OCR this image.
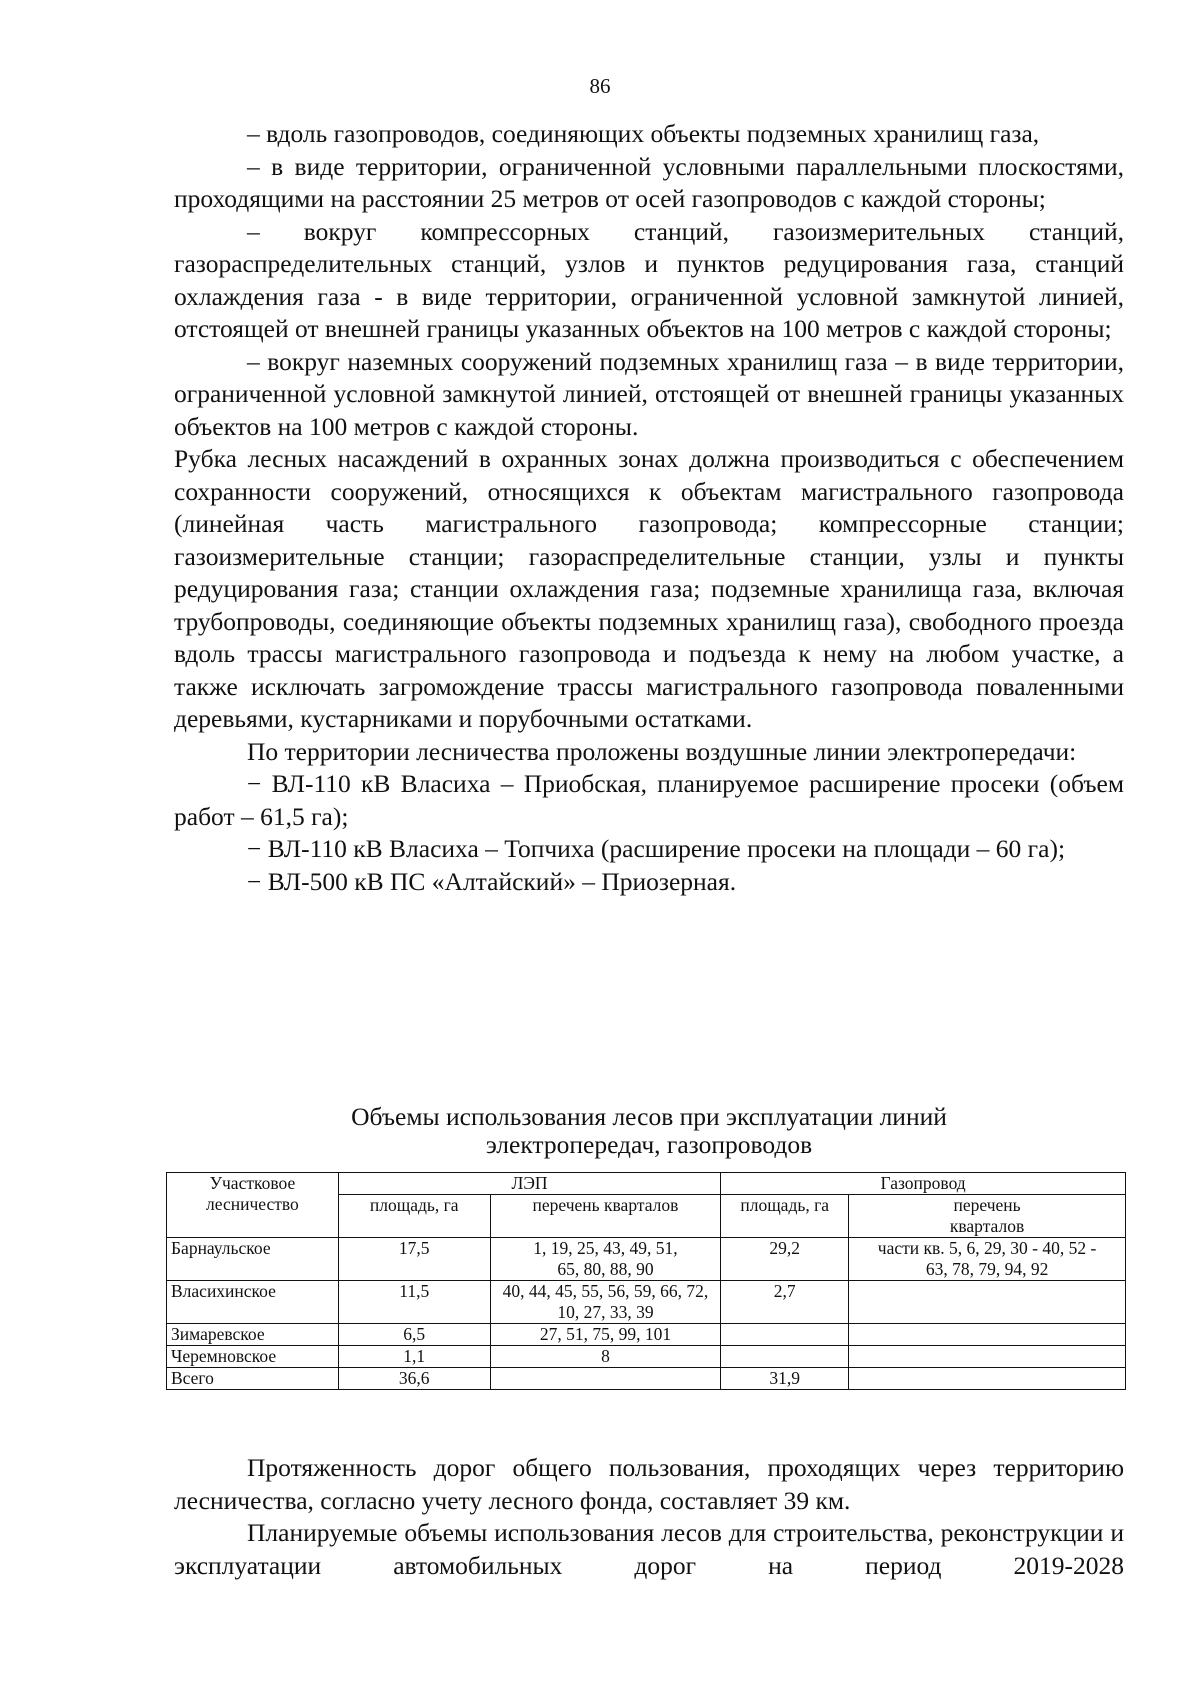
86

– вдоль газопроводов, соединяющих объекты подземных хранилищ газа,

– в виде территории, ограниченной условными параллельными плоскостями, проходящими на расстоянии 25 метров от осей газопроводов с каждой стороны;

– вокруг компрессорных станций, газоизмерительных станций, газораспределительных станций, узлов и пунктов редуцирования газа, станций охлаждения газа - в виде территории, ограниченной условной замкнутой линией, отстоящей от внешней границы указанных объектов на 100 метров с каждой стороны;

– вокруг наземных сооружений подземных хранилищ газа – в виде территории, ограниченной условной замкнутой линией, отстоящей от внешней границы указанных объектов на 100 метров с каждой стороны.

Рубка лесных насаждений в охранных зонах должна производиться с обеспечением сохранности сооружений, относящихся к объектам магистрального газопровода (линейная часть магистрального газопровода; компрессорные станции; газоизмерительные станции; газораспределительные станции, узлы и пункты редуцирования газа; станции охлаждения газа; подземные хранилища газа, включая трубопроводы, соединяющие объекты подземных хранилищ газа), свободного проезда вдоль трассы магистрального газопровода и подъезда к нему на любом участке, а также исключать загромождение трассы магистрального газопровода поваленными деревьями, кустарниками и порубочными остатками.

По территории лесничества проложены воздушные линии электропередачи:

− ВЛ-110 кВ Власиха – Приобская, планируемое расширение просеки (объем работ – 61,5 га);

− ВЛ-110 кВ Власиха – Топчиха (расширение просеки на площади – 60 га);

− ВЛ-500 кВ ПС «Алтайский» – Приозерная.

Объемы использования лесов при эксплуатации линий
электропередач, газопроводов
Участковое лесничество	ЛЭП		Газопровод	
	площадь, га	перечень кварталов	площадь, га	перечень кварталов
Барнаульское	17,5	1, 19, 25, 43, 49, 51, 65, 80, 88, 90	29,2	части кв. 5, 6, 29, 30 - 40, 52 - 63, 78, 79, 94, 92
Власихинское	11,5	40, 44, 45, 55, 56, 59, 66, 72, 10, 27, 33, 39	2,7	
Зимаревское	6,5	27, 51, 75, 99, 101		
Черемновское	1,1	8		
Всего	36,6		31,9	

Протяженность дорог общего пользования, проходящих через территорию лесничества, согласно учету лесного фонда, составляет 39 км.

Планируемые объемы использования лесов для строительства, реконструкции и эксплуатации автомобильных дорог на период 2019-2028
